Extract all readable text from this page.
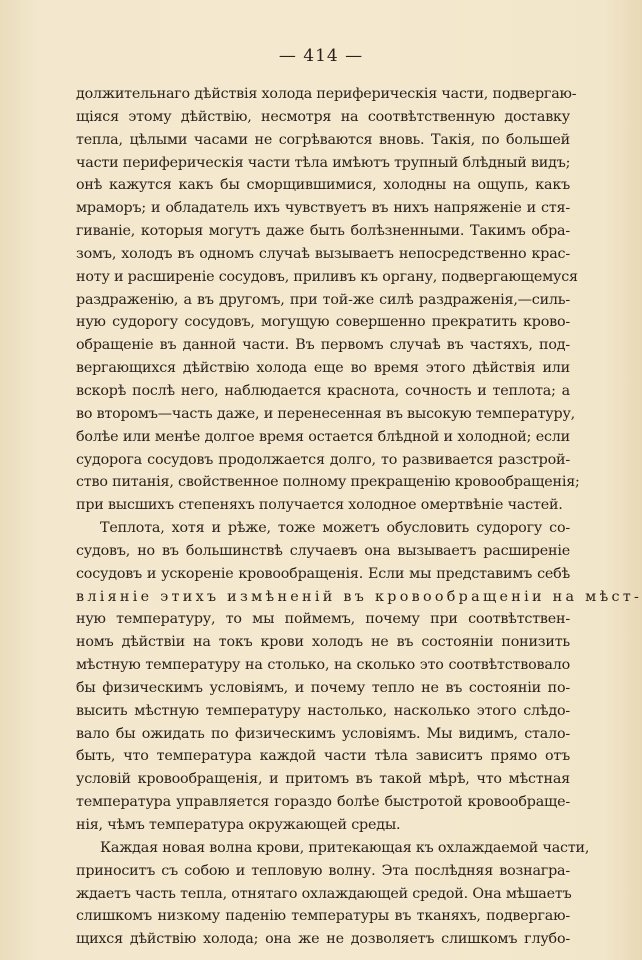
— 414 —
должительнаго дѣйствія холода периферическія части, подвергаю-
щіяся этому дѣйствію, несмотря на соотвѣтственную доставку
тепла, цѣлыми часами не согрѣваются вновь. Такія, по большей
части периферическія части тѣла имѣютъ трупный блѣдный видъ;
онѣ кажутся какъ бы сморщившимися, холодны на ощупь, какъ
мраморъ; и обладатель ихъ чувствуетъ въ нихъ напряженіе и стя-
гиваніе, которыя могутъ даже быть болѣзненными. Такимъ обра-
зомъ, холодъ въ одномъ случаѣ вызываетъ непосредственно крас-
ноту и расширеніе сосудовъ, приливъ къ органу, подвергающемуся
раздраженію, а въ другомъ, при той-же силѣ раздраженія,—силь-
ную судорогу сосудовъ, могущую совершенно прекратить крово-
обращеніе въ данной части. Въ первомъ случаѣ въ частяхъ, под-
вергающихся дѣйствію холода еще во время этого дѣйствія или
вскорѣ послѣ него, наблюдается краснота, сочность и теплота; а
во второмъ—часть даже, и перенесенная въ высокую температуру,
болѣе или менѣе долгое время остается блѣдной и холодной; если
судорога сосудовъ продолжается долго, то развивается разстрой-
ство питанія, свойственное полному прекращенію кровообращенія;
при высшихъ степеняхъ получается холодное омертвѣніе частей.
Теплота, хотя и рѣже, тоже можетъ обусловить судорогу со-
судовъ, но въ большинствѣ случаевъ она вызываетъ расширеніе
сосудовъ и ускореніе кровообращенія. Если мы представимъ себѣ
вліяніе этихъ измѣненій въ кровообращеніи на мѣст-
ную температуру, то мы поймемъ, почему при соотвѣтствен-
номъ дѣйствіи на токъ крови холодъ не въ состояніи понизить
мѣстную температуру на столько, на сколько это соотвѣтствовало
бы физическимъ условіямъ, и почему тепло не въ состояніи по-
высить мѣстную температуру настолько, насколько этого слѣдо-
вало бы ожидать по физическимъ условіямъ. Мы видимъ, стало-
быть, что температура каждой части тѣла зависитъ прямо отъ
условій кровообращенія, и притомъ въ такой мѣрѣ, что мѣстная
температура управляется гораздо болѣе быстротой кровообраще-
нія, чѣмъ температура окружающей среды.
Каждая новая волна крови, притекающая къ охлаждаемой части,
приноситъ съ собою и тепловую волну. Эта послѣдняя вознагра-
ждаетъ часть тепла, отнятаго охлаждающей средой. Она мѣшаетъ
слишкомъ низкому паденію температуры въ тканяхъ, подвергаю-
щихся дѣйствію холода; она же не дозволяетъ слишкомъ глубо-
